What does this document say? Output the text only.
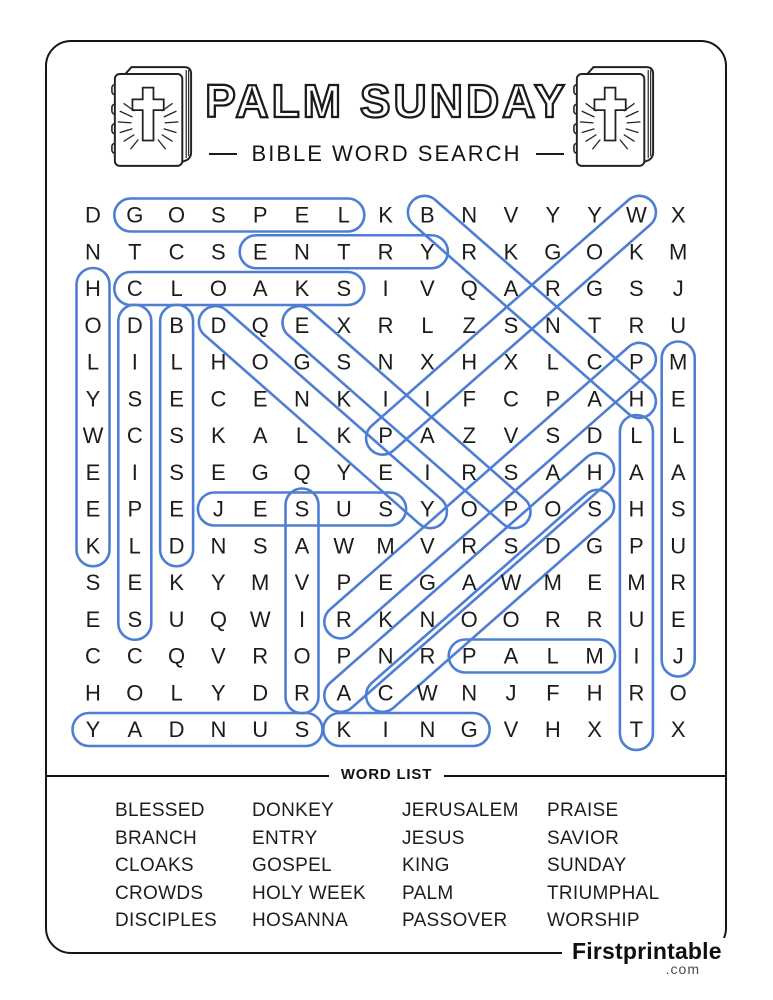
PALM SUNDAY
BIBLE WORD SEARCH
D G O S P E L K B N V Y Y W X
N T C S E N T R Y R K G O K M
H C L O A K S I V Q A R G S J
O D B D Q E X R L Z S N T R U
L I L H O G S N X H X L C P M
Y S E C E N K I I F C P A H E
W C S K A L K P A Z V S D L L
E I S E G Q Y E I R S A H A A
E P E J E S U S Y O P O S H S
K L D N S A W M V R S D G P U
S E K Y M V P E G A W M E M R
E S U Q W I R K N O O R R U E
C C Q V R O P N R P A L M I J
H O L Y D R A C W N J F H R O
Y A D N U S K I N G V H X T X
WORD LIST
BLESSED
BRANCH
CLOAKS
CROWDS
DISCIPLES
DONKEY
ENTRY
GOSPEL
HOLY WEEK
HOSANNA
JERUSALEM
JESUS
KING
PALM
PASSOVER
PRAISE
SAVIOR
SUNDAY
TRIUMPHAL
WORSHIP
Firstprintable
.com
